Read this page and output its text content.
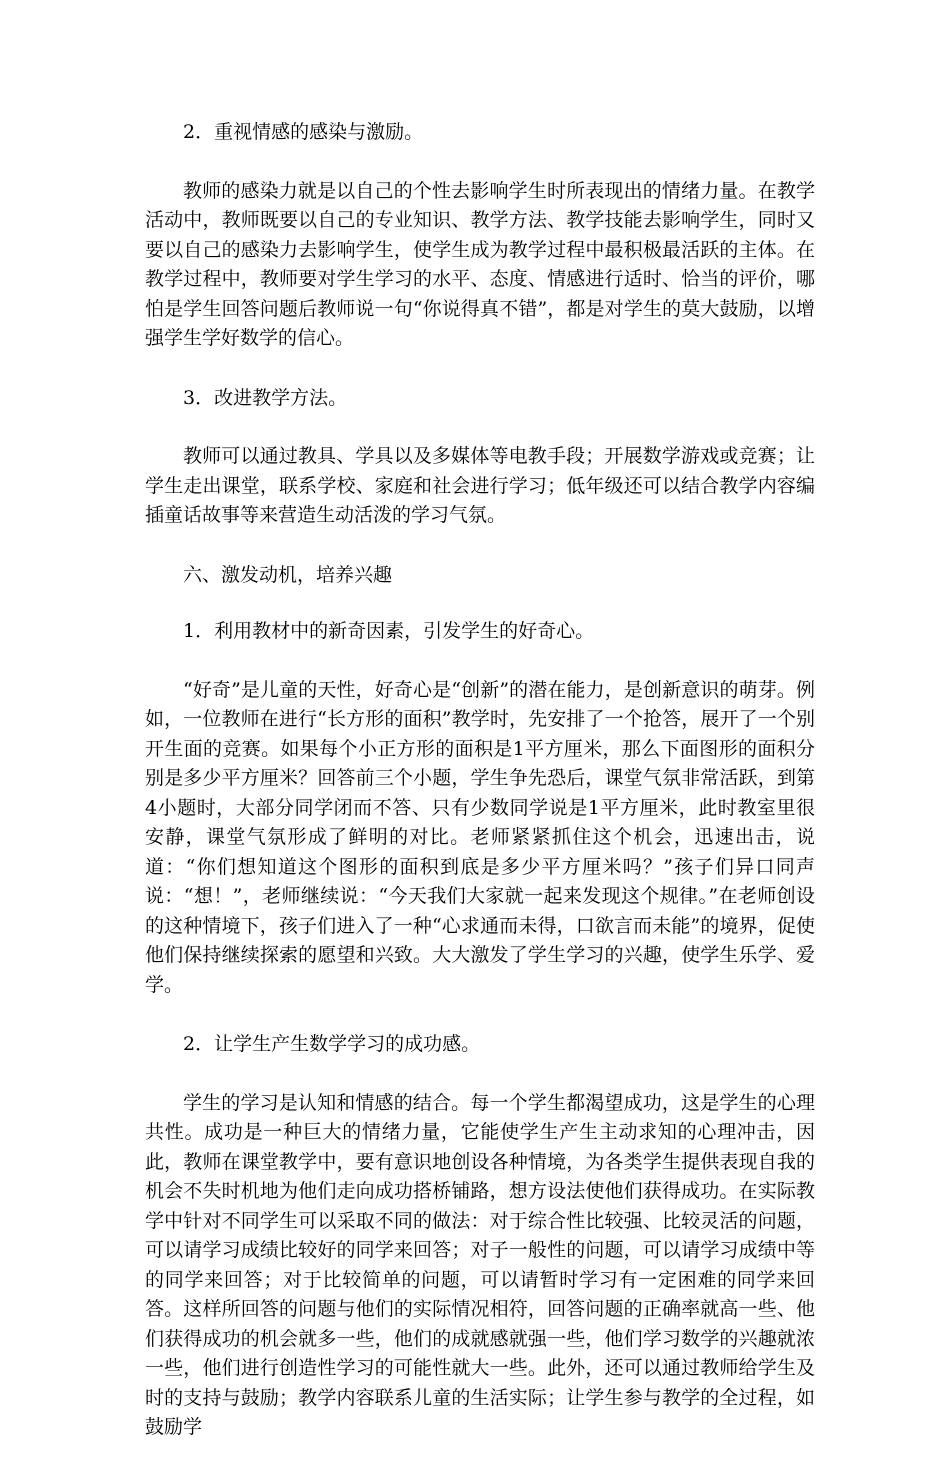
2．重视情感的感染与激励。

教师的感染力就是以自己的个性去影响学生时所表现出的情绪力量。在教学活动中，教师既要以自己的专业知识、教学方法、教学技能去影响学生，同时又要以自己的感染力去影响学生，使学生成为教学过程中最积极最活跃的主体。在教学过程中，教师要对学生学习的水平、态度、情感进行适时、恰当的评价，哪怕是学生回答问题后教师说一句“你说得真不错”，都是对学生的莫大鼓励，以增强学生学好数学的信心。

3．改进教学方法。

教师可以通过教具、学具以及多媒体等电教手段；开展数学游戏或竞赛；让学生走出课堂，联系学校、家庭和社会进行学习；低年级还可以结合教学内容编插童话故事等来营造生动活泼的学习气氛。

六、激发动机，培养兴趣

1．利用教材中的新奇因素，引发学生的好奇心。

“好奇”是儿童的天性，好奇心是“创新”的潜在能力，是创新意识的萌芽。例如，一位教师在进行“长方形的面积”教学时，先安排了一个抢答，展开了一个别开生面的竞赛。如果每个小正方形的面积是1平方厘米，那么下面图形的面积分别是多少平方厘米？回答前三个小题，学生争先恐后，课堂气氛非常活跃，到第4小题时，大部分同学闭而不答、只有少数同学说是1平方厘米，此时教室里很安静，课堂气氛形成了鲜明的对比。老师紧紧抓住这个机会，迅速出击，说道：“你们想知道这个图形的面积到底是多少平方厘米吗？”孩子们异口同声说：“想！”，老师继续说：“今天我们大家就一起来发现这个规律。”在老师创设的这种情境下，孩子们进入了一种“心求通而未得，口欲言而未能”的境界，促使他们保持继续探索的愿望和兴致。大大激发了学生学习的兴趣，使学生乐学、爱学。

2．让学生产生数学学习的成功感。

学生的学习是认知和情感的结合。每一个学生都渴望成功，这是学生的心理共性。成功是一种巨大的情绪力量，它能使学生产生主动求知的心理冲击，因此，教师在课堂教学中，要有意识地创设各种情境，为各类学生提供表现自我的机会不失时机地为他们走向成功搭桥铺路，想方设法使他们获得成功。在实际教学中针对不同学生可以采取不同的做法：对于综合性比较强、比较灵活的问题，可以请学习成绩比较好的同学来回答；对子一般性的问题，可以请学习成绩中等的同学来回答；对于比较简单的问题，可以请暂时学习有一定困难的同学来回答。这样所回答的问题与他们的实际情况相符，回答问题的正确率就高一些、他们获得成功的机会就多一些，他们的成就感就强一些，他们学习数学的兴趣就浓一些，他们进行创造性学习的可能性就大一些。此外，还可以通过教师给学生及时的支持与鼓励；教学内容联系儿童的生活实际；让学生参与教学的全过程，如鼓励学
